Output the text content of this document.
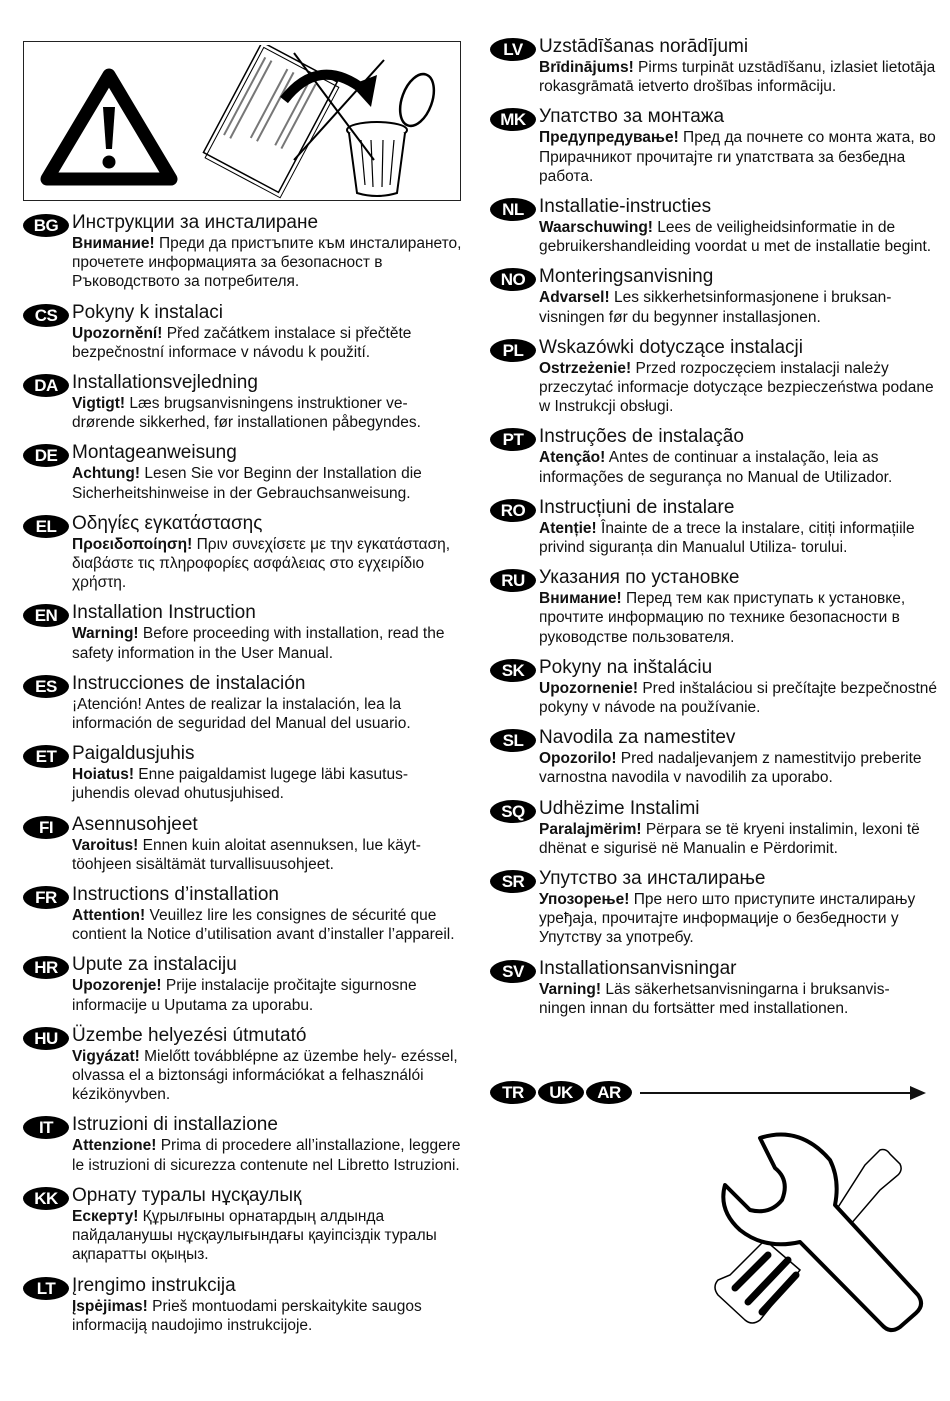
BG Инструкции за инсталиране

Внимание! Преди да пристъпите към инсталирането, прочетете информацията за безопасност в Ръководството за потребителя.

CS Pokyny k instalaci

Upozornění! Před začátkem instalace si přečtěte bezpečnostní informace v návodu k použití.

DA Installationsvejledning

Vigtigt! Læs brugsanvisningens instruktioner ve- drørende sikkerhed, før installationen påbegyndes.

DE Montageanweisung

Achtung! Lesen Sie vor Beginn der Installation die Sicherheitshinweise in der Gebrauchsanweisung.

EL Οδηγίες εγκατάστασης

Προειδοποίηση! Πριν συνεχίσετε με την εγκατάσταση, διαβάστε τις πληροφορίες ασφάλειας στο εγχειρίδιο χρήστη.

EN Installation Instruction

Warning! Before proceeding with installation, read the safety information in the User Manual.

ES Instrucciones de instalación

¡Atención! Antes de realizar la instalación, lea la información de seguridad del Manual del usuario.

ET Paigaldusjuhis

Hoiatus! Enne paigaldamist lugege läbi kasutus- juhendis olevad ohutusjuhised.

FI Asennusohjeet

Varoitus! Ennen kuin aloitat asennuksen, lue käyt- töohjeen sisältämät turvallisuusohjeet.

FR Instructions d’installation

Attention! Veuillez lire les consignes de sécurité que contient la Notice d’utilisation avant d’installer l’appareil.

HR Upute za instalaciju

Upozorenje! Prije instalacije pročitajte sigurnosne informacije u Uputama za uporabu.

HU Üzembe helyezési útmutató

Vigyázat! Mielőtt továbblépne az üzembe hely- ezéssel, olvassa el a biztonsági információkat a felhasználói kézikönyvben.

IT Istruzioni di installazione

Attenzione! Prima di procedere all’installazione, leggere le istruzioni di sicurezza contenute nel Libretto Istruzioni.

KK Орнату туралы нұсқаулық

Ескерту! Құрылғыны орнатардың алдында пайдаланушы нұсқаулығындағы қауіпсіздік туралы ақпаратты оқыңыз.

LT Įrengimo instrukcija

Įspėjimas! Prieš montuodami perskaitykite saugos informaciją naudojimo instrukcijoje.

LV Uzstādīšanas norādījumi

Brīdinājums! Pirms turpināt uzstādīšanu, izlasiet lietotāja rokasgrāmatā ietverto drošības informāciju.

MK Упатство за монтажа

Предупредување! Пред да почнете со монта жата, во Прирачникот прочитајте ги упатствата за безбедна работа.

NL Installatie-instructies

Waarschuwing! Lees de veiligheidsinformatie in de gebruikershandleiding voordat u met de installatie begint.

NO Monteringsanvisning

Advarsel! Les sikkerhetsinformasjonene i bruksan- visningen før du begynner installasjonen.

PL Wskazówki dotyczące instalacji

Ostrzeżenie! Przed rozpoczęciem instalacji należy przeczytać informacje dotyczące bezpieczeństwa podane w Instrukcji obsługi.

PT Instruções de instalação

Atenção! Antes de continuar a instalação, leia as informações de segurança no Manual de Utilizador.

RO Instrucțiuni de instalare

Atenție! Înainte de a trece la instalare, citiți informațiile privind siguranța din Manualul Utiliza- torului.

RU Указания по установке

Внимание! Перед тем как приступать к установке, прочтите информацию по технике безопасности в руководстве пользователя.

SK Pokyny na inštaláciu

Upozornenie! Pred inštaláciou si prečítajte bezpečnostné pokyny v návode na používanie.

SL Navodila za namestitev

Opozorilo! Pred nadaljevanjem z namestitvijo preberite varnostna navodila v navodilih za uporabo.

SQ Udhëzime Instalimi

Paralajmërim! Përpara se të kryeni instalimin, lexoni të dhënat e sigurisë në Manualin e Përdorimit.

SR Упутство за инсталирање

Упозорење! Пре него што приступите инсталирању уређаја, прочитајте информације о безбедности у Упутству за употребу.

SV Installationsanvisningar

Varning! Läs säkerhetsanvisningarna i bruksanvis- ningen innan du fortsätter med installationen.

TR	UK	AR
